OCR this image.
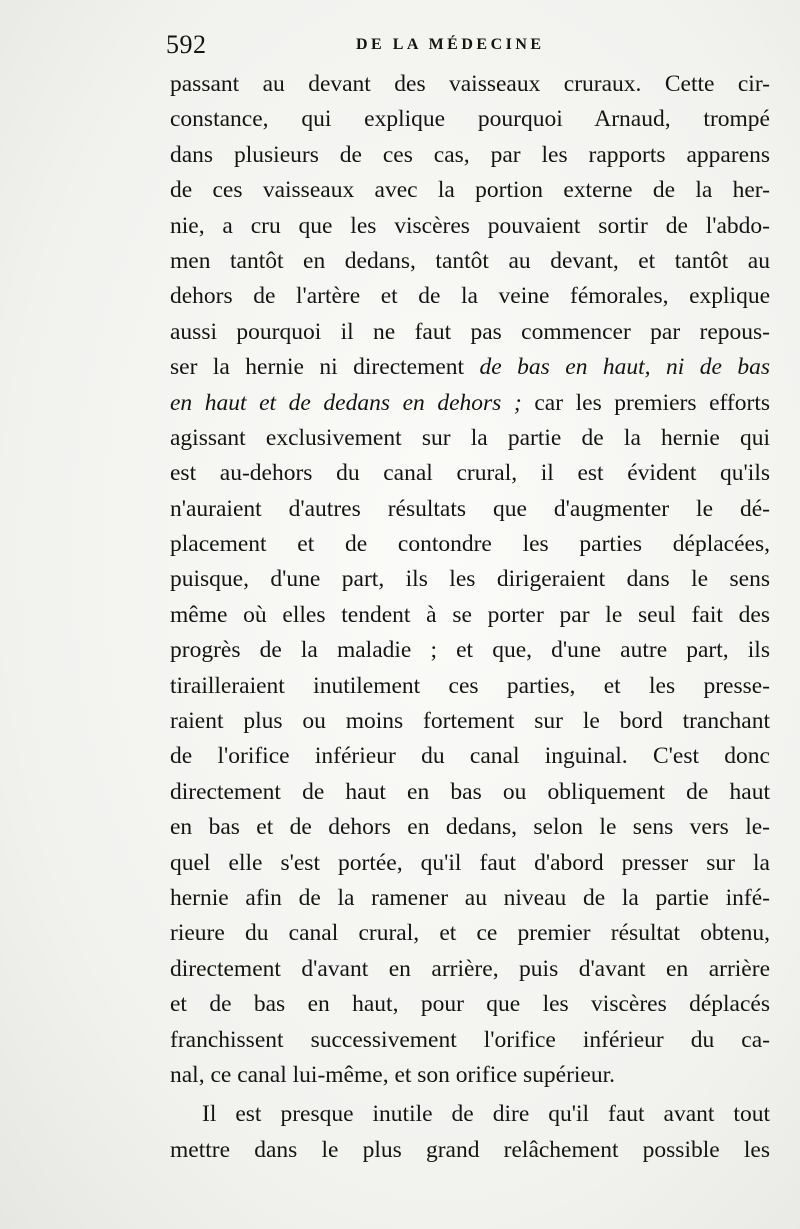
592	DE LA MÉDECINE
passant au devant des vaisseaux cruraux. Cette cir-
constance, qui explique pourquoi Arnaud, trompé
dans plusieurs de ces cas, par les rapports apparens
de ces vaisseaux avec la portion externe de la her-
nie, a cru que les viscères pouvaient sortir de l'abdo-
men tantôt en dedans, tantôt au devant, et tantôt au
dehors de l'artère et de la veine fémorales, explique
aussi pourquoi il ne faut pas commencer par repous-
ser la hernie ni directement de bas en haut, ni de bas
en haut et de dedans en dehors ; car les premiers efforts
agissant exclusivement sur la partie de la hernie qui
est au-dehors du canal crural, il est évident qu'ils
n'auraient d'autres résultats que d'augmenter le dé-
placement et de contondre les parties déplacées,
puisque, d'une part, ils les dirigeraient dans le sens
même où elles tendent à se porter par le seul fait des
progrès de la maladie ; et que, d'une autre part, ils
tirailleraient inutilement ces parties, et les presse-
raient plus ou moins fortement sur le bord tranchant
de l'orifice inférieur du canal inguinal. C'est donc
directement de haut en bas ou obliquement de haut
en bas et de dehors en dedans, selon le sens vers le-
quel elle s'est portée, qu'il faut d'abord presser sur la
hernie afin de la ramener au niveau de la partie infé-
rieure du canal crural, et ce premier résultat obtenu,
directement d'avant en arrière, puis d'avant en arrière
et de bas en haut, pour que les viscères déplacés
franchissent successivement l'orifice inférieur du ca-
nal, ce canal lui-même, et son orifice supérieur.
Il est presque inutile de dire qu'il faut avant tout
mettre dans le plus grand relâchement possible les
